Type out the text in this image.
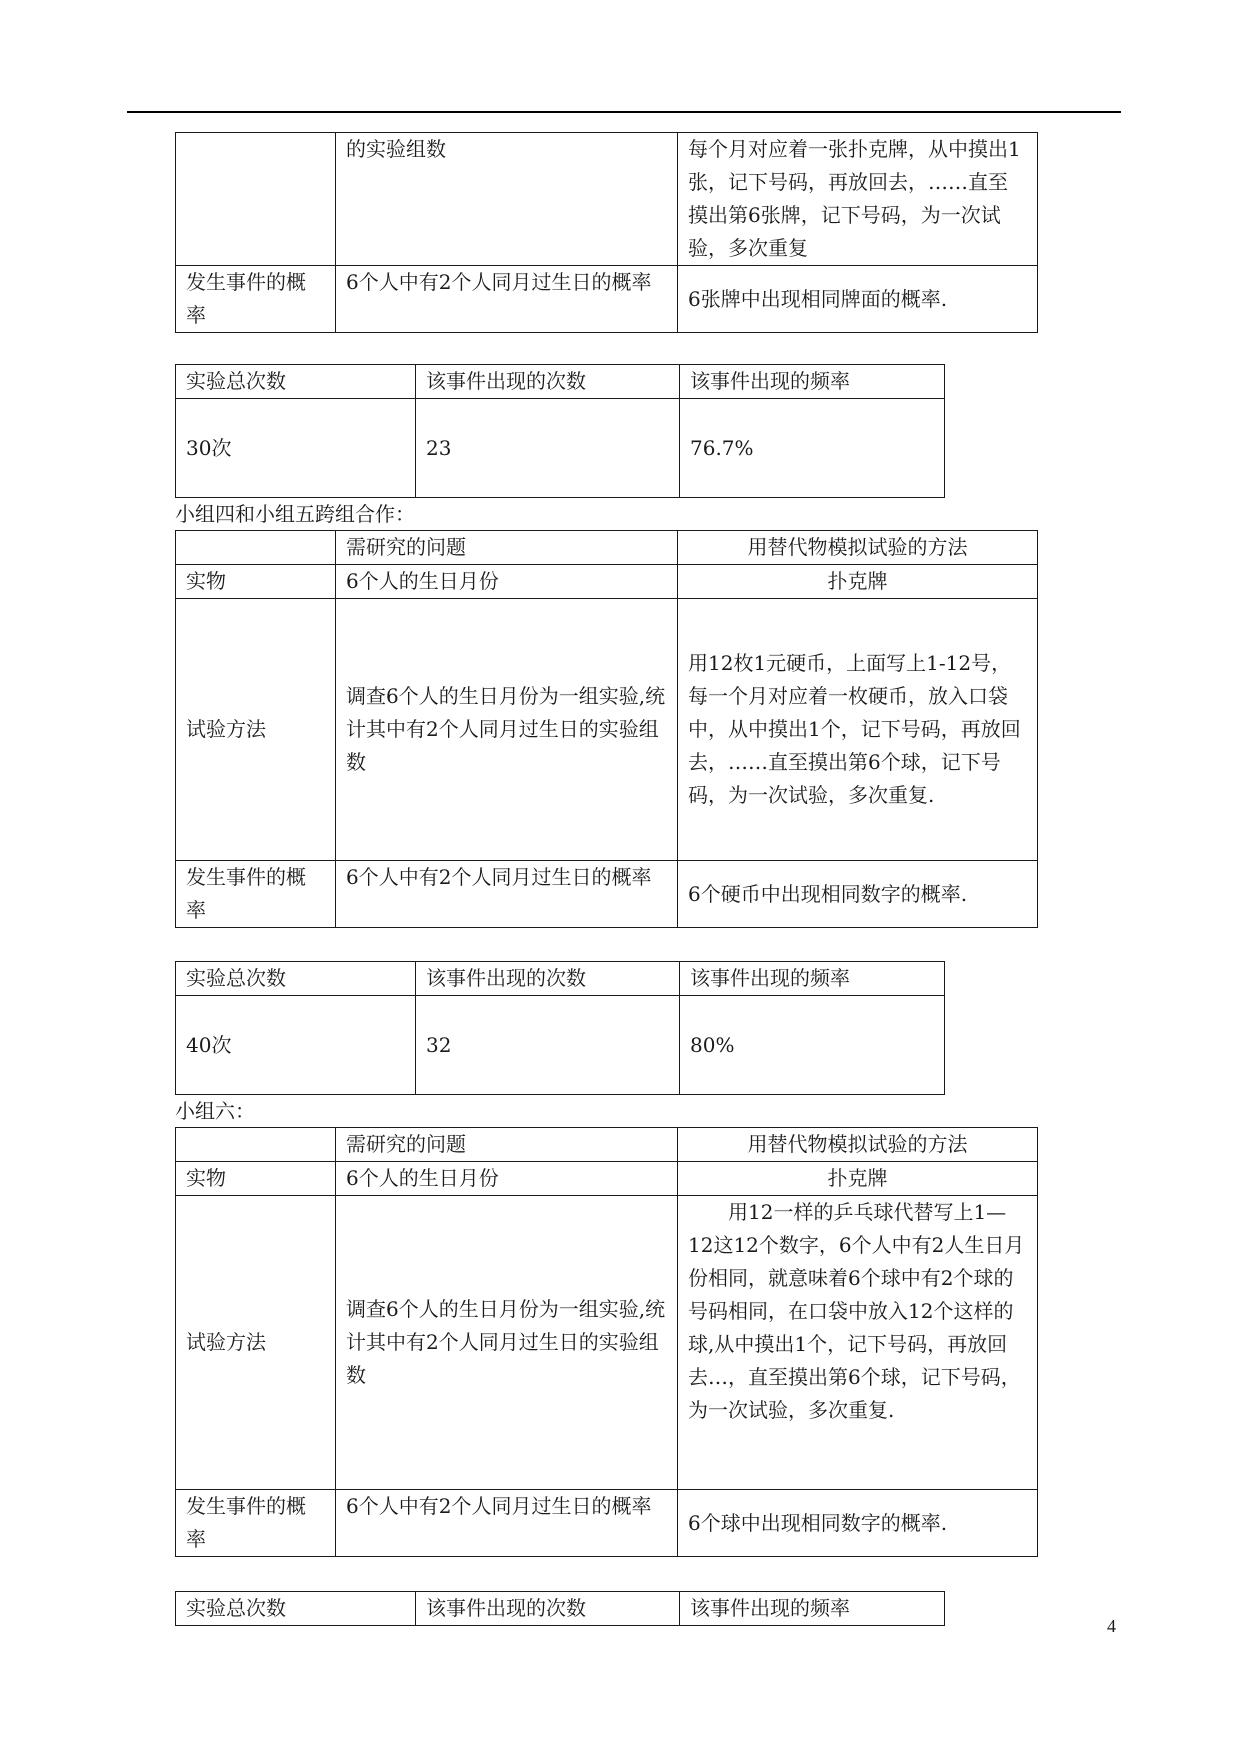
	的实验组数	每个月对应着一张扑克牌，从中摸出1张，记下号码，再放回去，……直至摸出第6张牌，记下号码，为一次试验，多次重复
发生事件的概率	6个人中有2个人同月过生日的概率	6张牌中出现相同牌面的概率.
实验总次数	该事件出现的次数	该事件出现的频率
30次	23	76.7%
小组四和小组五跨组合作：
	需研究的问题	用替代物模拟试验的方法
实物	6个人的生日月份	扑克牌
试验方法	调查6个人的生日月份为一组实验,统计其中有2个人同月过生日的实验组数	用12枚1元硬币，上面写上1-12号，每一个月对应着一枚硬币，放入口袋中，从中摸出1个，记下号码，再放回去，……直至摸出第6个球，记下号码，为一次试验，多次重复.
发生事件的概率	6个人中有2个人同月过生日的概率	6个硬币中出现相同数字的概率.
实验总次数	该事件出现的次数	该事件出现的频率
40次	32	80%
小组六：
	需研究的问题	用替代物模拟试验的方法
实物	6个人的生日月份	扑克牌
试验方法	调查6个人的生日月份为一组实验,统计其中有2个人同月过生日的实验组数	用12一样的乒乓球代替写上1—12这12个数字，6个人中有2人生日月份相同，就意味着6个球中有2个球的号码相同，在口袋中放入12个这样的球,从中摸出1个，记下号码，再放回去…，直至摸出第6个球，记下号码，为一次试验，多次重复.
发生事件的概率	6个人中有2个人同月过生日的概率	6个球中出现相同数字的概率.
实验总次数	该事件出现的次数	该事件出现的频率
4
